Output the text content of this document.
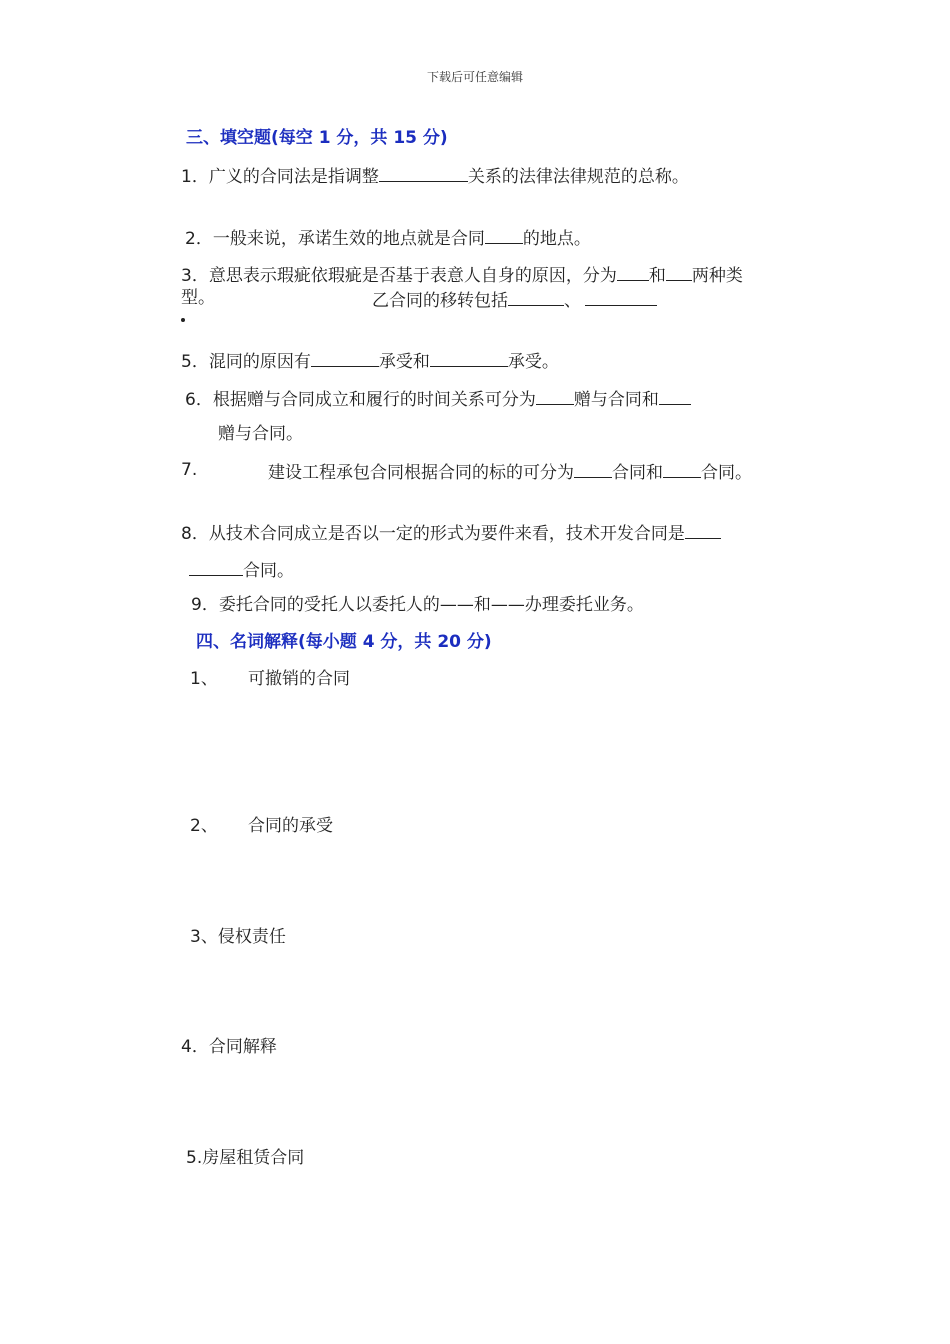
下载后可任意编辑
三、填空题(每空 1 分，共 15 分)
1．广义的合同法是指调整	关系的法律法律规范的总称。
2．一般来说，承诺生效的地点就是合同 的地点。
3．意思表示瑕疵依瑕疵是否基于表意人自身的原因，分为 和 两种类
型。	乙合同的移转包括	、
5．混同的原因有	承受和	承受。
6．根据赠与合同成立和履行的时间关系可分为 赠与合同和
赠与合同。
7.	建设工程承包合同根据合同的标的可分为 合同和 合同。
8．从技术合同成立是否以一定的形式为要件来看，技术开发合同是
合同。
9．委托合同的受托人以委托人的——和——办理委托业务。
四、名词解释(每小题 4 分，共 20 分)
1、 可撤销的合同
2、 合同的承受
3、侵权责任
4．合同解释
5.房屋租赁合同
